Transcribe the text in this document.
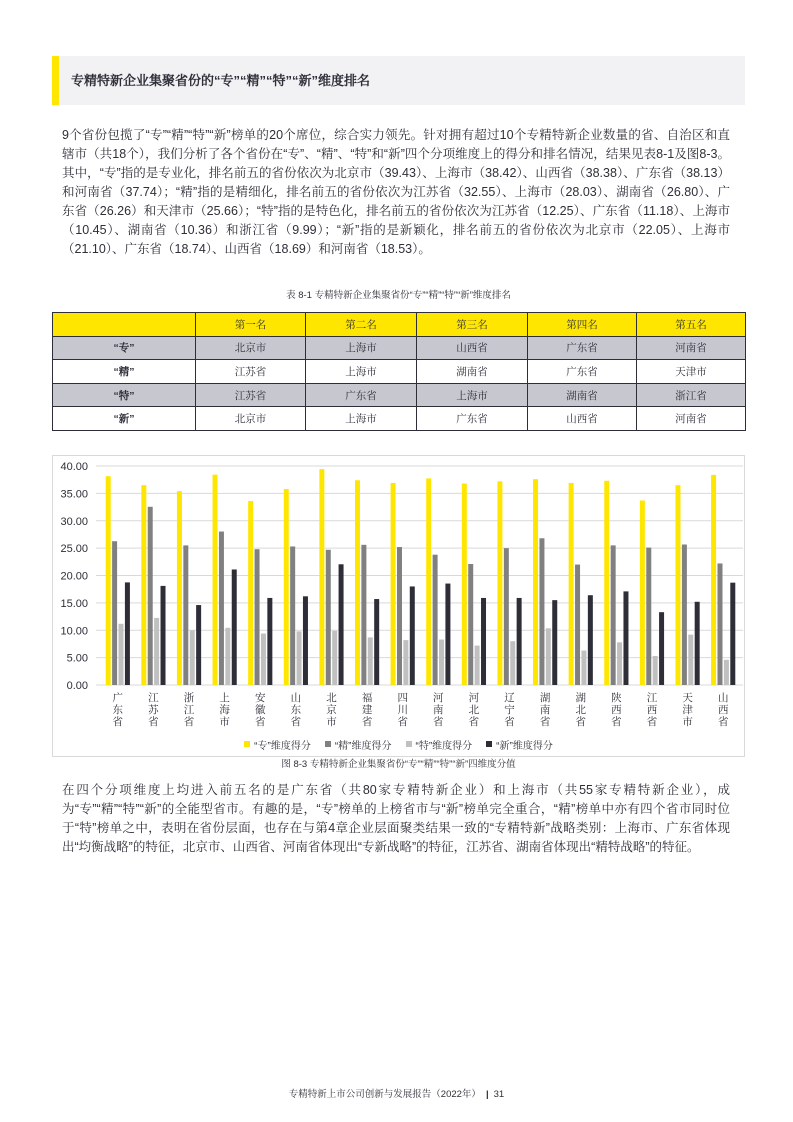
专精特新企业集聚省份的“专”“精”“特”“新”维度排名

9个省份包揽了“专”“精”“特”“新”榜单的20个席位，综合实力领先。针对拥有超过10个专精特新企业数量的省、自治区和直辖市（共18个），我们分析了各个省份在“专”、“精”、“特”和“新”四个分项维度上的得分和排名情况，结果见表8-1及图8-3。其中，“专”指的是专业化，排名前五的省份依次为北京市（39.43）、上海市（38.42）、山西省（38.38）、广东省（38.13）和河南省（37.74）；“精”指的是精细化，排名前五的省份依次为江苏省（32.55）、上海市（28.03）、湖南省（26.80）、广东省（26.26）和天津市（25.66）；“特”指的是特色化，排名前五的省份依次为江苏省（12.25）、广东省（11.18）、上海市（10.45）、湖南省（10.36）和浙江省（9.99）；“新”指的是新颖化，排名前五的省份依次为北京市（22.05）、上海市（21.10）、广东省（18.74）、山西省（18.69）和河南省（18.53）。

表 8-1 专精特新企业集聚省份“专”“精”“特”“新”维度排名
	第一名	第二名	第三名	第四名	第五名
“专”	北京市	上海市	山西省	广东省	河南省
“精”	江苏省	上海市	湖南省	广东省	天津市
“特”	江苏省	广东省	上海市	湖南省	浙江省
“新”	北京市	上海市	广东省	山西省	河南省
0.00
5.00
10.00
15.00
20.00
25.00
30.00
35.00
40.00
广东省
江苏省
浙江省
上海市
安徽省
山东省
北京市
福建省
四川省
河南省
河北省
辽宁省
湖南省
湖北省
陕西省
江西省
天津市
山西省
“专”维度得分 “精”维度得分 “特”维度得分 “新”维度得分
图 8-3 专精特新企业集聚省份“专”“精”“特”“新”四维度分值

在四个分项维度上均进入前五名的是广东省（共80家专精特新企业）和上海市（共55家专精特新企业），成为“专”“精”“特”“新”的全能型省市。有趣的是，“专”榜单的上榜省市与“新”榜单完全重合，“精”榜单中亦有四个省市同时位于“特”榜单之中，表明在省份层面，也存在与第4章企业层面聚类结果一致的“专精特新”战略类别：上海市、广东省体现出“均衡战略”的特征，北京市、山西省、河南省体现出“专新战略”的特征，江苏省、湖南省体现出“精特战略”的特征。

专精特新上市公司创新与发展报告（2022年） | 31
